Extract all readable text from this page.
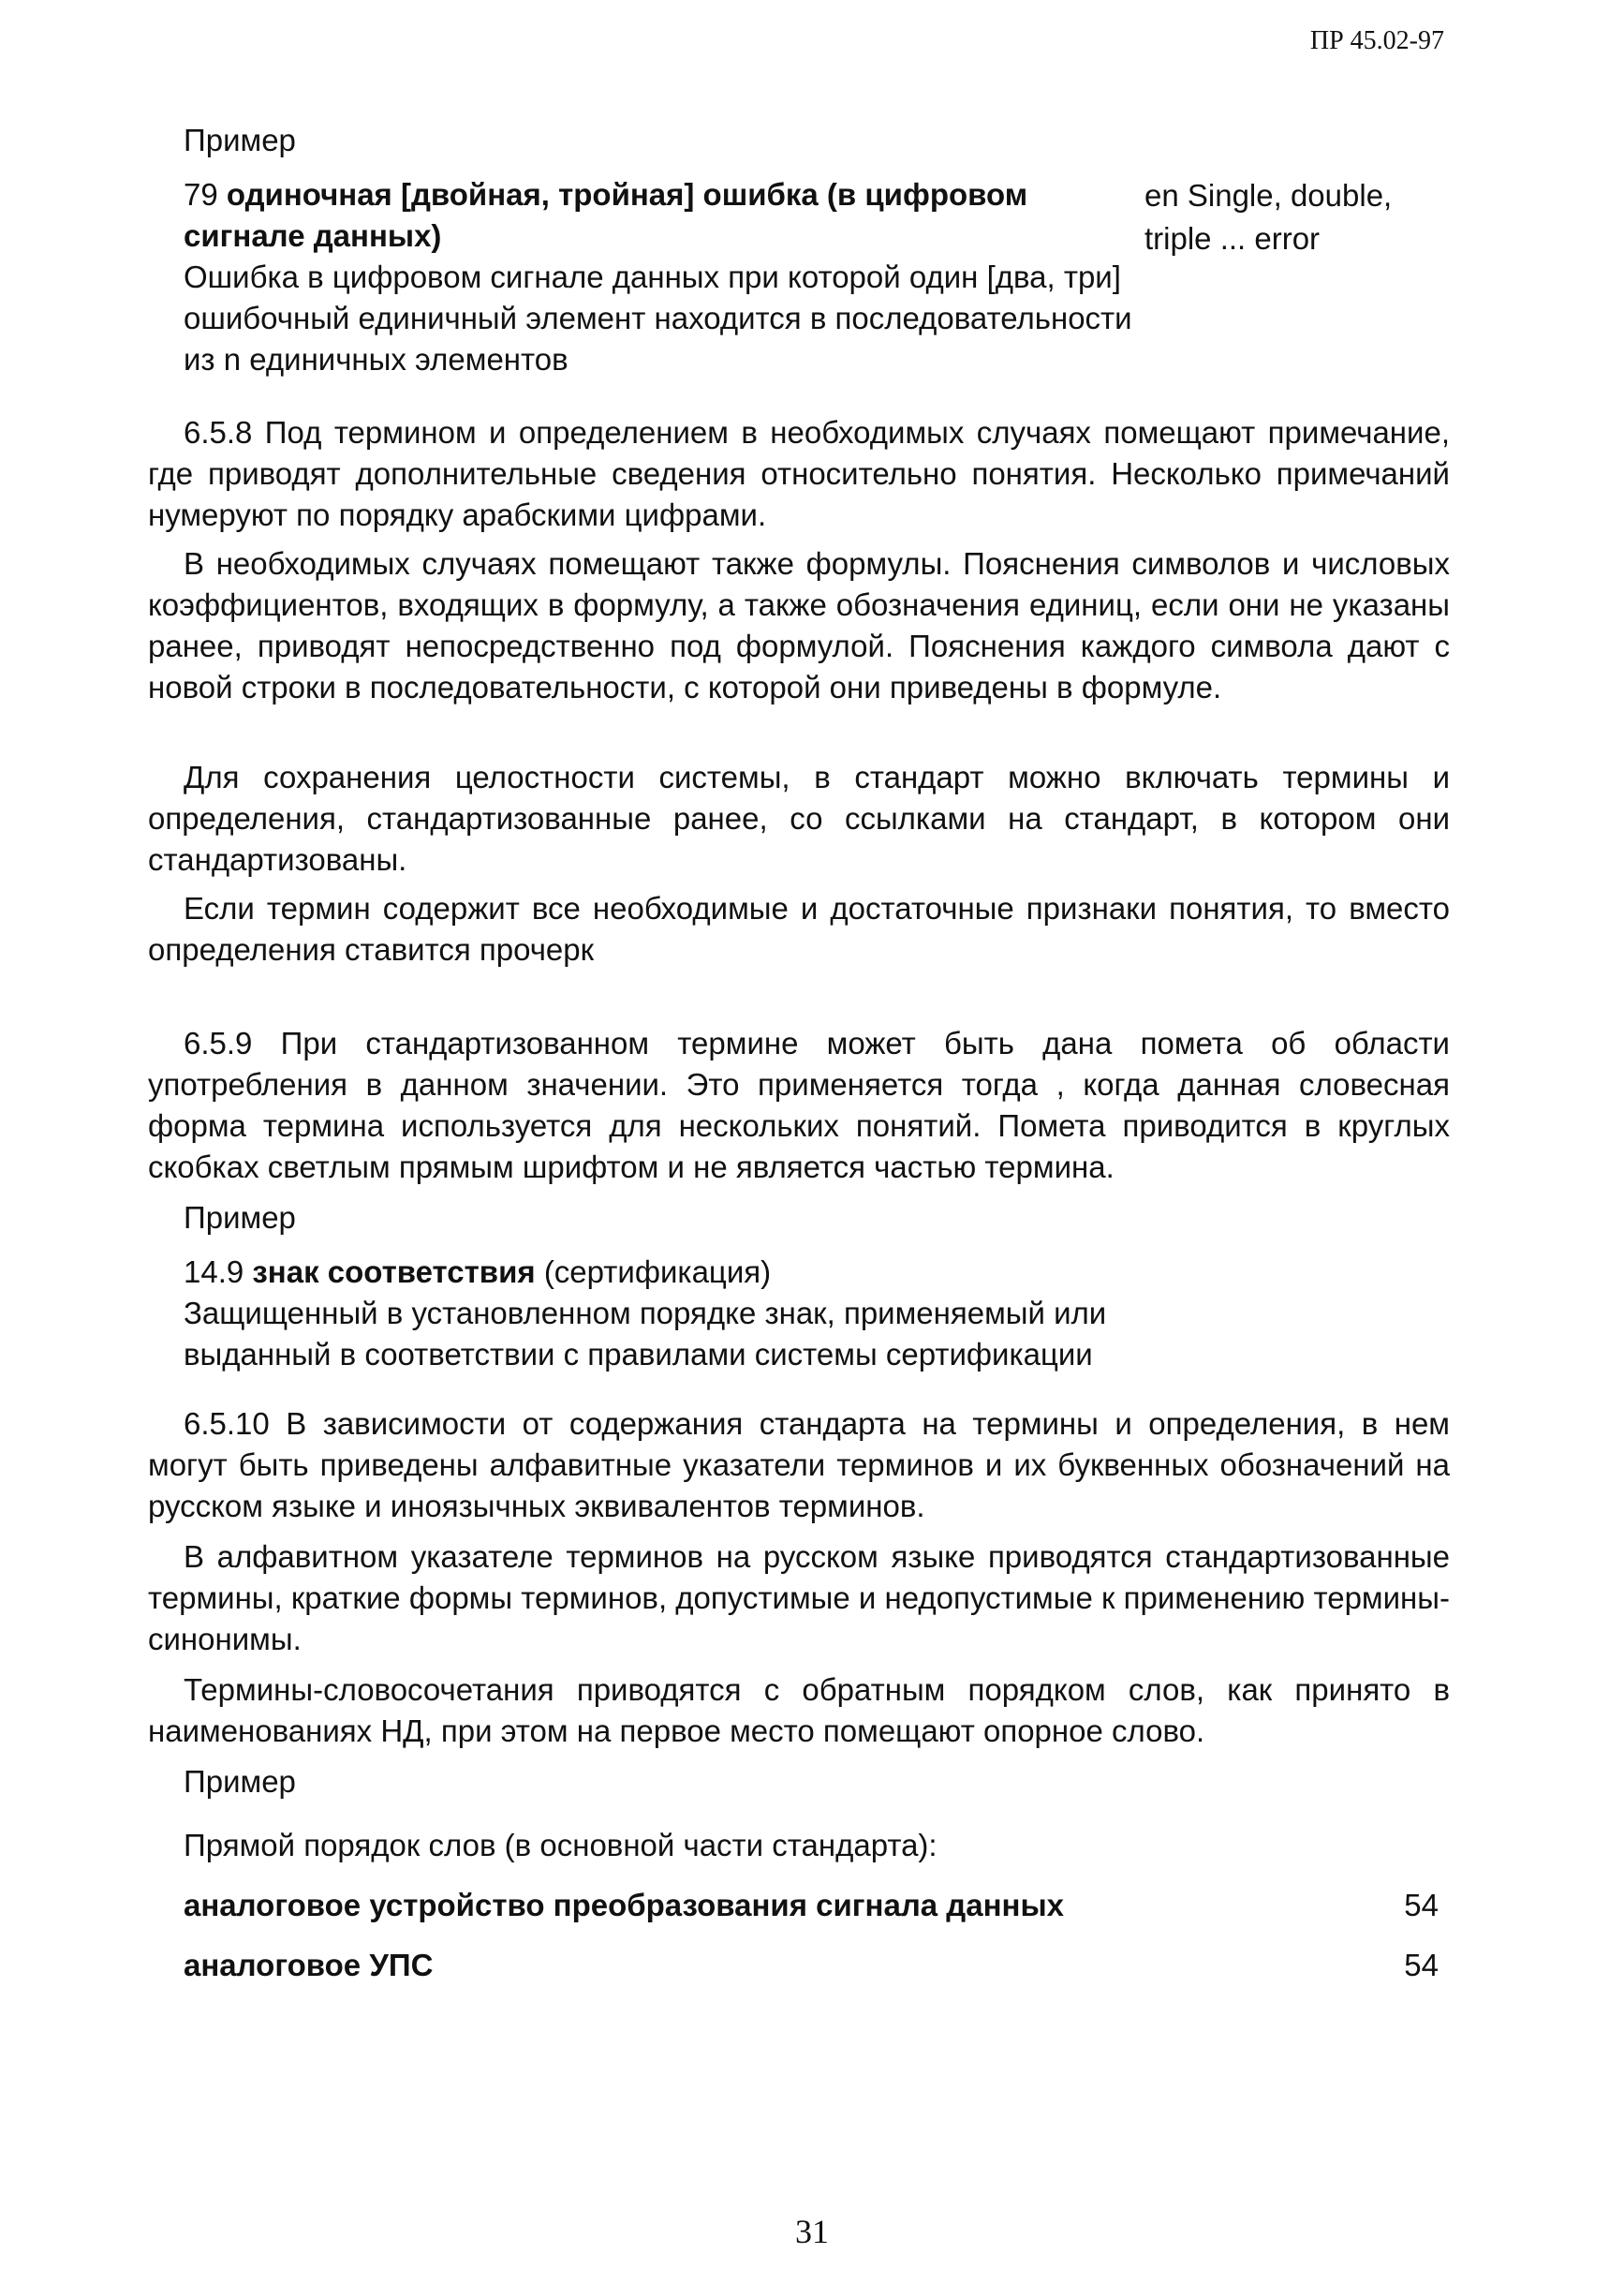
ПР 45.02-97

Пример

79 одиночная [двойная, тройная] ошибка (в цифровом сигнале данных)

en Single, double, triple ... error

Ошибка в цифровом сигнале данных при которой один [два, три] ошибочный единичный элемент находится в последовательности из n единичных элементов

6.5.8 Под термином и определением в необходимых случаях помещают примечание, где приводят дополнительные сведения относительно понятия. Несколько примечаний нумеруют по порядку арабскими цифрами.

В необходимых случаях помещают также формулы. Пояснения символов и числовых коэффициентов, входящих в формулу, а также обозначения единиц, если они не указаны ранее, приводят непосредственно под формулой. Пояснения каждого символа дают с новой строки в последовательности, с которой они приведены в формуле.

Для сохранения целостности системы, в стандарт можно включать термины и определения, стандартизованные ранее, со ссылками на стандарт, в котором они стандартизованы.

Если термин содержит все необходимые и достаточные признаки понятия, то вместо определения ставится прочерк

6.5.9 При стандартизованном термине может быть дана помета об области употребления в данном значении. Это применяется тогда , когда данная словесная форма термина используется для нескольких понятий. Помета приводится в круглых скобках светлым прямым шрифтом и не является частью термина.

Пример

14.9 знак соответствия (сертификация)

Защищенный в установленном порядке знак, применяемый или выданный в соответствии с правилами системы сертификации

6.5.10 В зависимости от содержания стандарта на термины и определения, в нем могут быть приведены алфавитные указатели терминов и их буквенных обозначений на русском языке и иноязычных эквивалентов терминов.

В алфавитном указателе терминов на русском языке приводятся стандартизованные термины, краткие формы терминов, допустимые и недопустимые к применению термины-синонимы.

Термины-словосочетания приводятся с обратным порядком слов, как принято в наименованиях НД, при этом на первое место помещают опорное слово.

Пример

Прямой порядок слов (в основной части стандарта):

аналоговое устройство преобразования сигнала данных	54

аналоговое УПС	54

31
